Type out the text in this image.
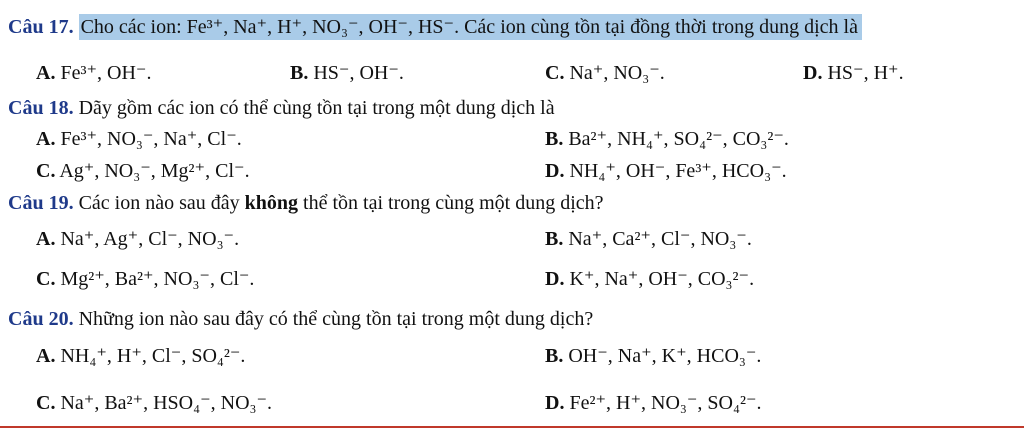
Câu 17. Cho các ion: Fe³⁺, Na⁺, H⁺, NO₃⁻, OH⁻, HS⁻. Các ion cùng tồn tại đồng thời trong dung dịch là
A. Fe³⁺, OH⁻.	B. HS⁻, OH⁻.	C. Na⁺, NO₃⁻.	D. HS⁻, H⁺.
Câu 18. Dãy gồm các ion có thể cùng tồn tại trong một dung dịch là
A. Fe³⁺, NO₃⁻, Na⁺, Cl⁻.	B. Ba²⁺, NH₄⁺, SO₄²⁻, CO₃²⁻.
C. Ag⁺, NO₃⁻, Mg²⁺, Cl⁻.	D. NH₄⁺, OH⁻, Fe³⁺, HCO₃⁻.
Câu 19. Các ion nào sau đây không thể tồn tại trong cùng một dung dịch?
A. Na⁺, Ag⁺, Cl⁻, NO₃⁻.	B. Na⁺, Ca²⁺, Cl⁻, NO₃⁻.
C. Mg²⁺, Ba²⁺, NO₃⁻, Cl⁻.	D. K⁺, Na⁺, OH⁻, CO₃²⁻.
Câu 20. Những ion nào sau đây có thể cùng tồn tại trong một dung dịch?
A. NH₄⁺, H⁺, Cl⁻, SO₄²⁻.	B. OH⁻, Na⁺, K⁺, HCO₃⁻.
C. Na⁺, Ba²⁺, HSO₄⁻, NO₃⁻.	D. Fe²⁺, H⁺, NO₃⁻, SO₄²⁻.
